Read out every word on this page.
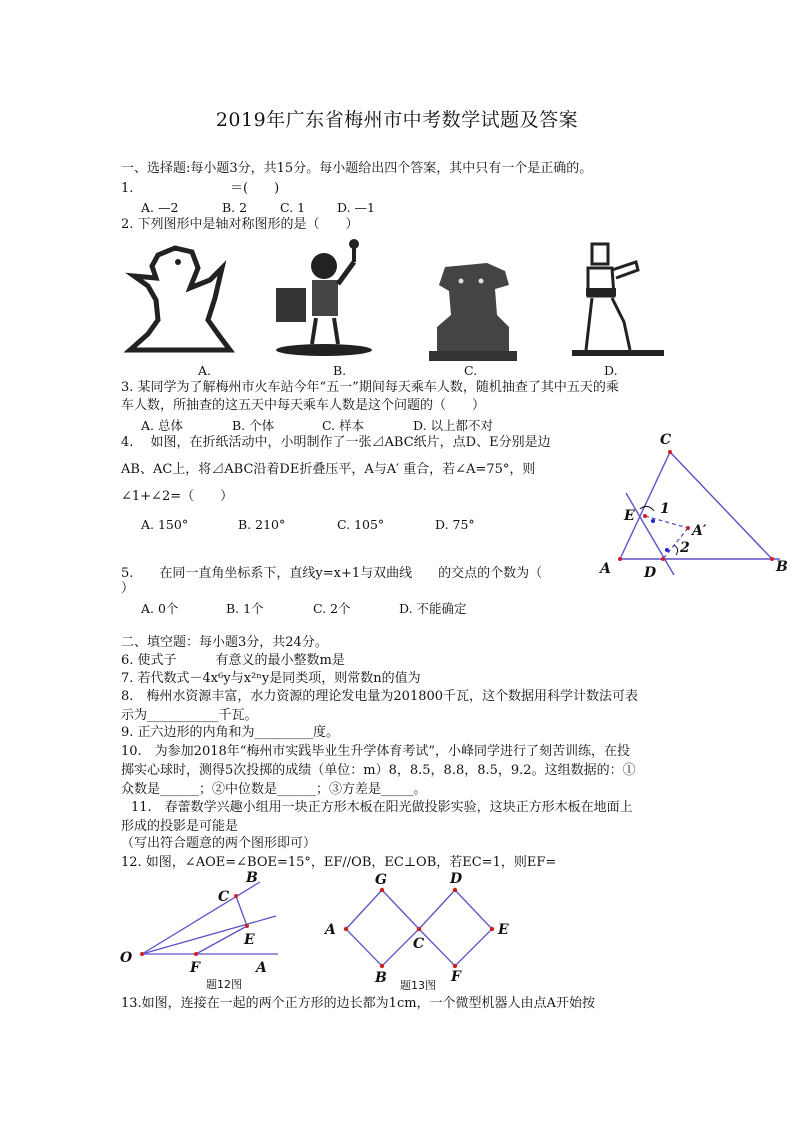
2019年广东省梅州市中考数学试题及答案
一、选择题:每小题3分，共15分。每小题给出四个答案，其中只有一个是正确的。
1.	＝(　　)
A. —2	B. 2	C. 1	D. —1
2. 下列图形中是轴对称图形的是（　　）
A.	B.	C.	D.
3. 某同学为了解梅州市火车站今年“五一”期间每天乘车人数，随机抽查了其中五天的乘
车人数，所抽查的这五天中每天乘车人数是这个问题的（　　）
A. 总体	B. 个体	C. 样本	D. 以上都不对
4.　 如图，在折纸活动中，小明制作了一张⊿ABC纸片，点D、E分别是边
AB、AC上，将⊿ABC沿着DE折叠压平，A与A′ 重合，若∠A=75°，则
∠1+∠2=（　　）
A. 150°	B. 210°	C. 105°	D. 75°
C
E 1
A′
2
A D	B
5.　　在同一直角坐标系下，直线y=x+1与双曲线　　的交点的个数为（
）
A. 0个	B. 1个	C. 2个	D. 不能确定
二、填空题：每小题3分，共24分。
6. 使式子　　　有意义的最小整数m是
7. 若代数式－4x⁶y与x²ⁿy是同类项，则常数n的值为
8.　梅州水资源丰富，水力资源的理论发电量为201800千瓦，这个数据用科学计数法可表
示为___________千瓦。
9. 正六边形的内角和为_________度。
10.　为参加2018年“梅州市实践毕业生升学体育考试”，小峰同学进行了刻苦训练，在投
掷实心球时，测得5次投掷的成绩（单位：m）8，8.5，8.8，8.5，9.2。这组数据的：①
众数是______；②中位数是______；③方差是_____。
11.　春蕾数学兴趣小组用一块正方形木板在阳光做投影实验，这块正方形木板在地面上
形成的投影是可能是
（写出符合题意的两个图形即可）
12. 如图，∠AOE=∠BOE=15°，EF//OB，EC⊥OB，若EC=1，则EF=
B
C
E
O
F	A
题12图
G	D
A
C
E
B	F
题13图
13.如图，连接在一起的两个正方形的边长都为1cm，一个微型机器人由点A开始按
